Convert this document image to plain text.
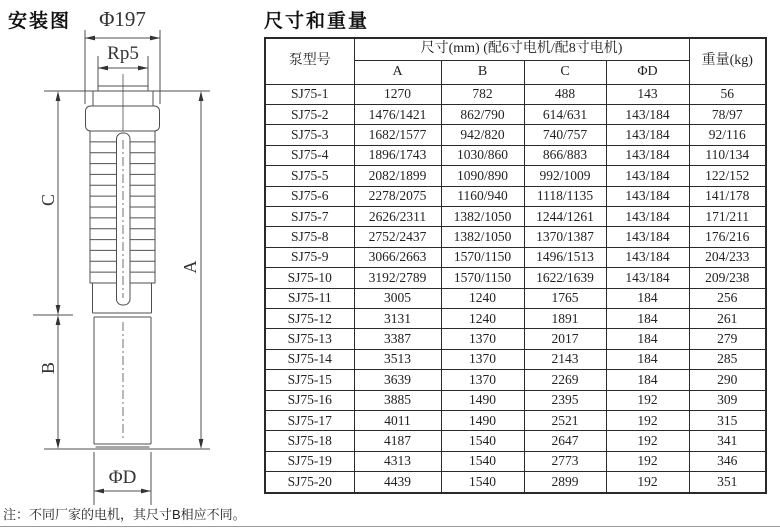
安装图	Φ197
Rp5
C
A
B
ΦD
注：不同厂家的电机，其尺寸B相应不同。
尺寸和重量
泵型号	尺寸(mm) (配6寸电机/配8寸电机)				重量(kg)
	A	B	C	ΦD	
SJ75-1	1270	782	488	143	56
SJ75-2	1476/1421	862/790	614/631	143/184	78/97
SJ75-3	1682/1577	942/820	740/757	143/184	92/116
SJ75-4	1896/1743	1030/860	866/883	143/184	110/134
SJ75-5	2082/1899	1090/890	992/1009	143/184	122/152
SJ75-6	2278/2075	1160/940	1118/1135	143/184	141/178
SJ75-7	2626/2311	1382/1050	1244/1261	143/184	171/211
SJ75-8	2752/2437	1382/1050	1370/1387	143/184	176/216
SJ75-9	3066/2663	1570/1150	1496/1513	143/184	204/233
SJ75-10	3192/2789	1570/1150	1622/1639	143/184	209/238
SJ75-11	3005	1240	1765	184	256
SJ75-12	3131	1240	1891	184	261
SJ75-13	3387	1370	2017	184	279
SJ75-14	3513	1370	2143	184	285
SJ75-15	3639	1370	2269	184	290
SJ75-16	3885	1490	2395	192	309
SJ75-17	4011	1490	2521	192	315
SJ75-18	4187	1540	2647	192	341
SJ75-19	4313	1540	2773	192	346
SJ75-20	4439	1540	2899	192	351
